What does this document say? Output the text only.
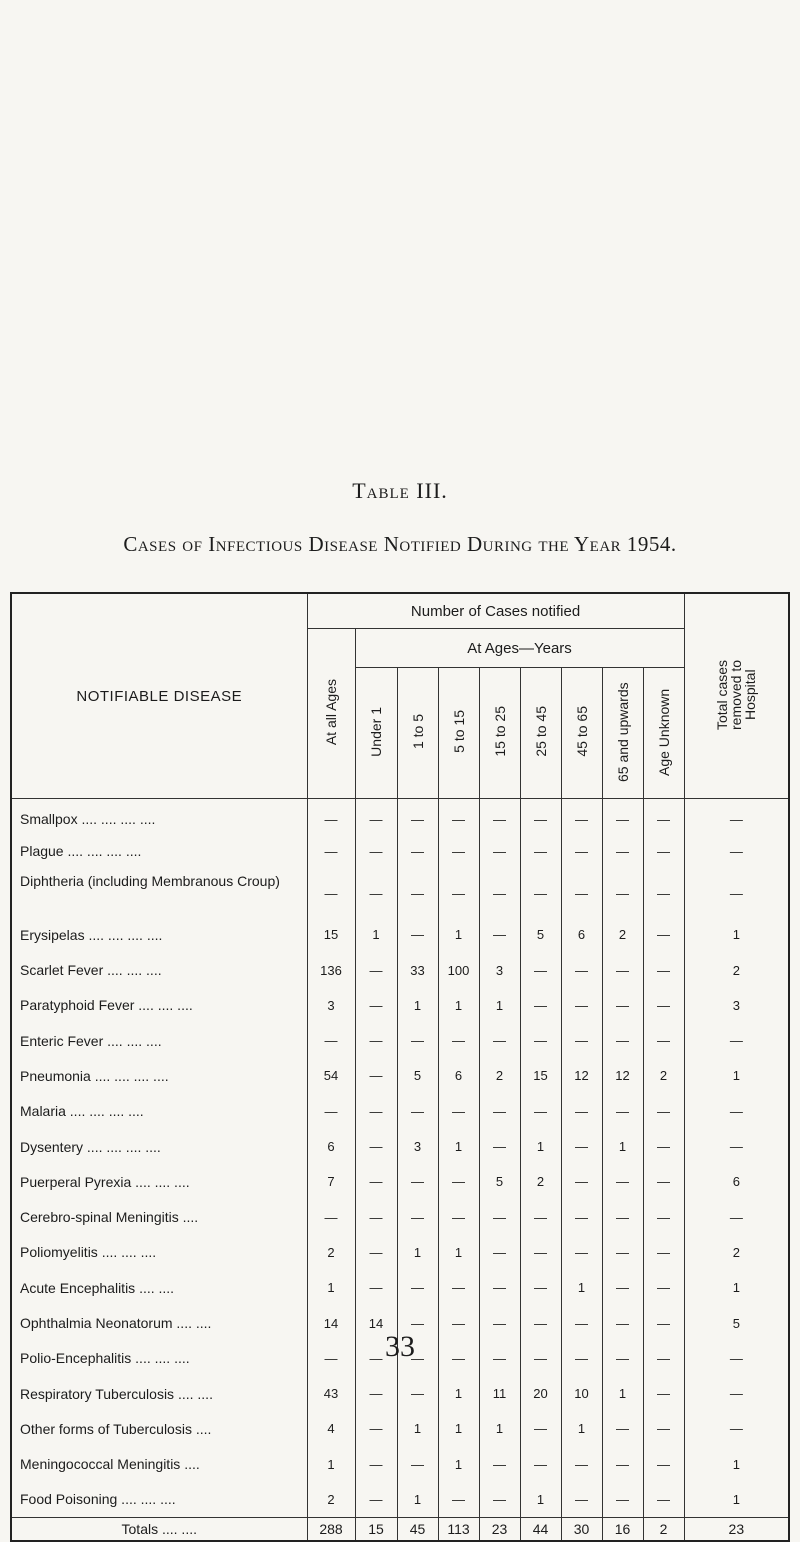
Table III.
Cases of Infectious Disease Notified During the Year 1954.
NOTIFIABLE DISEASE	Number of Cases notified									Total cases removed to Hospital
	At all Ages	At Ages—Years								
		Under 1	1 to 5	5 to 15	15 to 25	25 to 45	45 to 65	65 and upwards	Age Unknown	
Smallpox .... .... .... ....	—	—	—	—	—	—	—	—	—	—
Plague .... .... .... ....	—	—	—	—	—	—	—	—	—	—
Diphtheria (including Membranous Croup)	—	—	—	—	—	—	—	—	—	—
Erysipelas .... .... .... ....	15	1	—	1	—	5	6	2	—	1
Scarlet Fever .... .... ....	136	—	33	100	3	—	—	—	—	2
Paratyphoid Fever .... .... ....	3	—	1	1	1	—	—	—	—	3
Enteric Fever .... .... ....	—	—	—	—	—	—	—	—	—	—
Pneumonia .... .... .... ....	54	—	5	6	2	15	12	12	2	1
Malaria .... .... .... ....	—	—	—	—	—	—	—	—	—	—
Dysentery .... .... .... ....	6	—	3	1	—	1	—	1	—	—
Puerperal Pyrexia .... .... ....	7	—	—	—	5	2	—	—	—	6
Cerebro-spinal Meningitis ....	—	—	—	—	—	—	—	—	—	—
Poliomyelitis .... .... ....	2	—	1	1	—	—	—	—	—	2
Acute Encephalitis .... ....	1	—	—	—	—	—	1	—	—	1
Ophthalmia Neonatorum .... ....	14	14	—	—	—	—	—	—	—	5
Polio-Encephalitis .... .... ....	—	—	—	—	—	—	—	—	—	—
Respiratory Tuberculosis .... ....	43	—	—	1	11	20	10	1	—	—
Other forms of Tuberculosis ....	4	—	1	1	1	—	1	—	—	—
Meningococcal Meningitis ....	1	—	—	1	—	—	—	—	—	1
Food Poisoning .... .... ....	2	—	1	—	—	1	—	—	—	1
Totals .... ....	288	15	45	113	23	44	30	16	2	23
33
